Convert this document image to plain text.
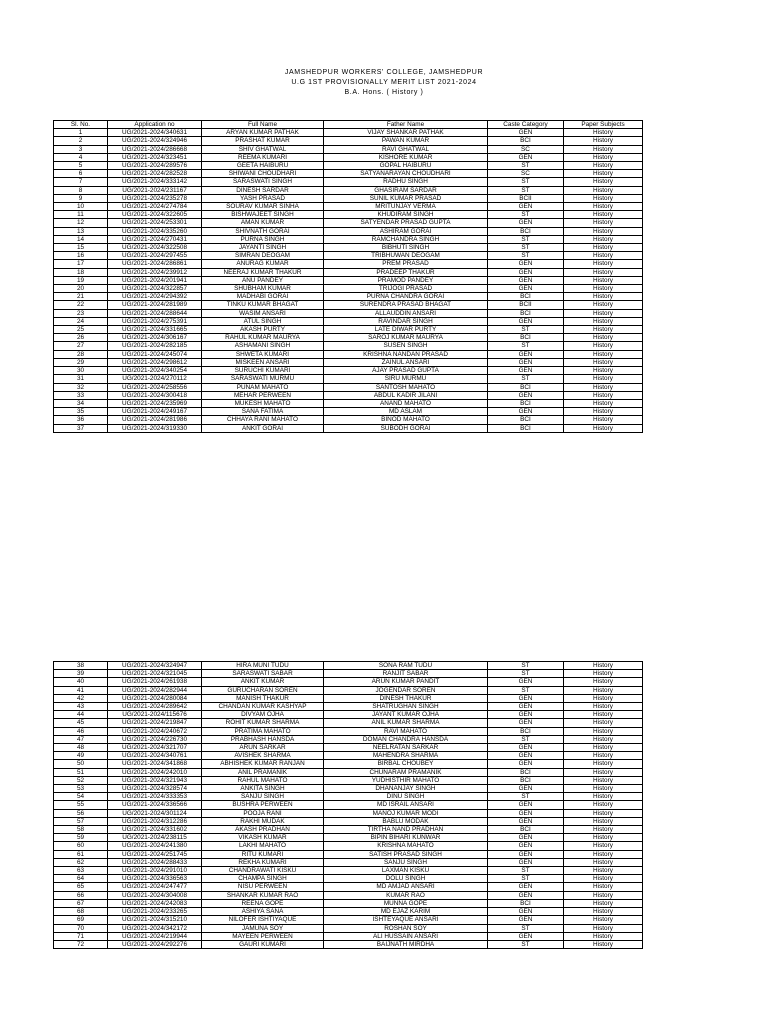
JAMSHEDPUR WORKERS' COLLEGE, JAMSHEDPUR
U.G 1ST PROVISIONALLY MERIT LIST 2021-2024
B.A. Hons. ( History )
Sl. No.	Application no	Full Name	Father Name	Caste Category	Paper Subjects
1	UG/2021-2024/340631	ARYAN KUMAR PATHAK	VIJAY SHANKAR PATHAK	GEN	History
2	UG/2021-2024/324946	PRASHAT KUMAR	PAWAN KUMAR	BCI	History
3	UG/2021-2024/286668	SHIV GHATWAL	RAVI GHATWAL	SC	History
4	UG/2021-2024/323451	REEMA KUMARI	KISHORE KUMAR	GEN	History
5	UG/2021-2024/289576	GEETA HAIBURU	GOPAL HAIBURU	ST	History
6	UG/2021-2024/282528	SHIWANI CHOUDHARI	SATYANARAYAN CHOUDHARI	SC	History
7	UG/2021-2024/333142	SARASWATI SINGH	RADHU SINGH	ST	History
8	UG/2021-2024/231167	DINESH SARDAR	GHASIRAM SARDAR	ST	History
9	UG/2021-2024/235278	YASH PRASAD	SUNIL KUMAR PRASAD	BCII	History
10	UG/2021-2024/274784	SOURAV KUMAR SINHA	MRITUNJAY VERMA	GEN	History
11	UG/2021-2024/322605	BISHWAJEET SINGH	KHUDIRAM SINGH	ST	History
12	UG/2021-2024/253301	AMAN KUMAR	SATYENDAR PRASAD GUPTA	GEN	History
13	UG/2021-2024/335260	SHIVNATH GORAI	ASHIRAM GORAI	BCI	History
14	UG/2021-2024/270431	PURNA SINGH	RAMCHANDRA SINGH	ST	History
15	UG/2021-2024/322508	JAYANTI SINGH	BIBHUTI SINGH	ST	History
16	UG/2021-2024/297455	SIMRAN DEOGAM	TRIBHUWAN DEOGAM	ST	History
17	UG/2021-2024/286861	ANURAG KUMAR	PREM PRASAD	GEN	History
18	UG/2021-2024/239912	NEERAJ KUMAR THAKUR	PRADEEP THAKUR	GEN	History
19	UG/2021-2024/201941	ANU PANDEY	PRAMOD PANDEY	GEN	History
20	UG/2021-2024/322857	SHUBHAM KUMAR	TRIJOGI PRASAD	GEN	History
21	UG/2021-2024/294392	MADHABI GORAI	PURNA CHANDRA GORAI	BCI	History
22	UG/2021-2024/281989	TINKU KUMAR BHAGAT	SURENDRA PRASAD BHAGAT	BCII	History
23	UG/2021-2024/288644	WASIM ANSARI	ALLAUDDIN ANSARI	BCI	History
24	UG/2021-2024/275391	ATUL SINGH	RAVINDAR SINGH	GEN	History
25	UG/2021-2024/331665	AKASH PURTY	LATE DIWAR PURTY	ST	History
26	UG/2021-2024/306167	RAHUL KUMAR MAURYA	SAROJ KUMAR MAURYA	BCI	History
27	UG/2021-2024/282185	ASHAMANI SINGH	SUSEN SINGH	ST	History
28	UG/2021-2024/245074	SHWETA KUMARI	KRISHNA NANDAN PRASAD	GEN	History
29	UG/2021-2024/298612	MISKEEN ANSARI	ZAINUL ANSARI	GEN	History
30	UG/2021-2024/340254	SURUCHI KUMARI	AJAY PRASAD GUPTA	GEN	History
31	UG/2021-2024/270112	SARASWATI MURMU	SIRU MURMU	ST	History
32	UG/2021-2024/258556	PUNAM MAHATO	SANTOSH MAHATO	BCI	History
33	UG/2021-2024/300418	MEHAR PERWEEN	ABDUL KADIR JILANI	GEN	History
34	UG/2021-2024/235969	MUKESH MAHATO	ANAND MAHATO	BCI	History
35	UG/2021-2024/249167	SANA FATIMA	MD ASLAM	GEN	History
36	UG/2021-2024/281986	CHHAYA RANI MAHATO	BINOD MAHATO	BCI	History
37	UG/2021-2024/319330	ANKIT GORAI	SUBODH GORAI	BCI	History
38	UG/2021-2024/324947	HIRA MUNI TUDU	SONA RAM TUDU	ST	History
39	UG/2021-2024/321045	SARASWATI SABAR	RANJIT SABAR	ST	History
40	UG/2021-2024/261938	ANKIT KUMAR	ARUN KUMAR PANDIT	GEN	History
41	UG/2021-2024/282944	GURUCHARAN SOREN	JOGENDAR SOREN	ST	History
42	UG/2021-2024/280084	MANISH THAKUR	DINESH THAKUR	GEN	History
43	UG/2021-2024/289642	CHANDAN KUMAR KASHYAP	SHATRUGHAN SINGH	GEN	History
44	UG/2021-2024/115676	DIVYAM OJHA	JAYANT KUMAR OJHA	GEN	History
45	UG/2021-2024/219847	ROHIT KUMAR SHARMA	ANIL KUMAR SHARMA	GEN	History
46	UG/2021-2024/240672	PRATIMA MAHATO	RAVI MAHATO	BCI	History
47	UG/2021-2024/226730	PRABHASH HANSDA	DOMAN CHANDRA HANSDA	ST	History
48	UG/2021-2024/321707	ARUN SARKAR	NEELRATAN SARKAR	GEN	History
49	UG/2021-2024/340761	AVISHEK SHARMA	MAHENDRA SHARMA	GEN	History
50	UG/2021-2024/341868	ABHISHEK KUMAR RANJAN	BIRBAL CHOUBEY	GEN	History
51	UG/2021-2024/242010	ANIL PRAMANIK	CHUNARAM PRAMANIK	BCI	History
52	UG/2021-2024/321943	RAHUL MAHATO	YUDHISTHIR MAHATO	BCI	History
53	UG/2021-2024/328574	ANKITA SINGH	DHANANJAY SINGH	GEN	History
54	UG/2021-2024/333353	SANJU SINGH	DINU SINGH	ST	History
55	UG/2021-2024/336566	BUSHRA PERWEEN	MD ISRAIL ANSARI	GEN	History
56	UG/2021-2024/301124	POOJA RANI	MANOJ KUMAR MODI	GEN	History
57	UG/2021-2024/312286	RAKHI MUDAK	BABLU MODAK	GEN	History
58	UG/2021-2024/331602	AKASH PRADHAN	TIRTHA NAND PRADHAN	BCI	History
59	UG/2021-2024/238115	VIKASH KUMAR	BIPIN BIHARI KUNWAR	GEN	History
60	UG/2021-2024/241380	LAKHI MAHATO	KRISHNA MAHATO	GEN	History
61	UG/2021-2024/251745	RITU KUMARI	SATISH PRASAD SINGH	GEN	History
62	UG/2021-2024/288433	REKHA KUMARI	SANJU SINGH	GEN	History
63	UG/2021-2024/291010	CHANDRAWATI KISKU	LAXMAN KISKU	ST	History
64	UG/2021-2024/336563	CHAMPA SINGH	DOLU SINGH	ST	History
65	UG/2021-2024/247477	NISU PERWEEN	MD AMJAD ANSARI	GEN	History
66	UG/2021-2024/304008	SHANKAR KUMAR RAO	KUMAR RAO	GEN	History
67	UG/2021-2024/242083	REENA GOPE	MUNNA GOPE	BCI	History
68	UG/2021-2024/233265	ASHIYA SANA	MD EJAZ KARIM	GEN	History
69	UG/2021-2024/315210	NILOFER ISHTIYAQUE	ISHTEYAQUE ANSARI	GEN	History
70	UG/2021-2024/342172	JAMUNA SOY	ROSHAN SOY	ST	History
71	UG/2021-2024/219944	MAYEEN PERWEEN	ALI HUSSAIN ANSARI	GEN	History
72	UG/2021-2024/292276	GAURI KUMARI	BAIJNATH MIRDHA	ST	History
